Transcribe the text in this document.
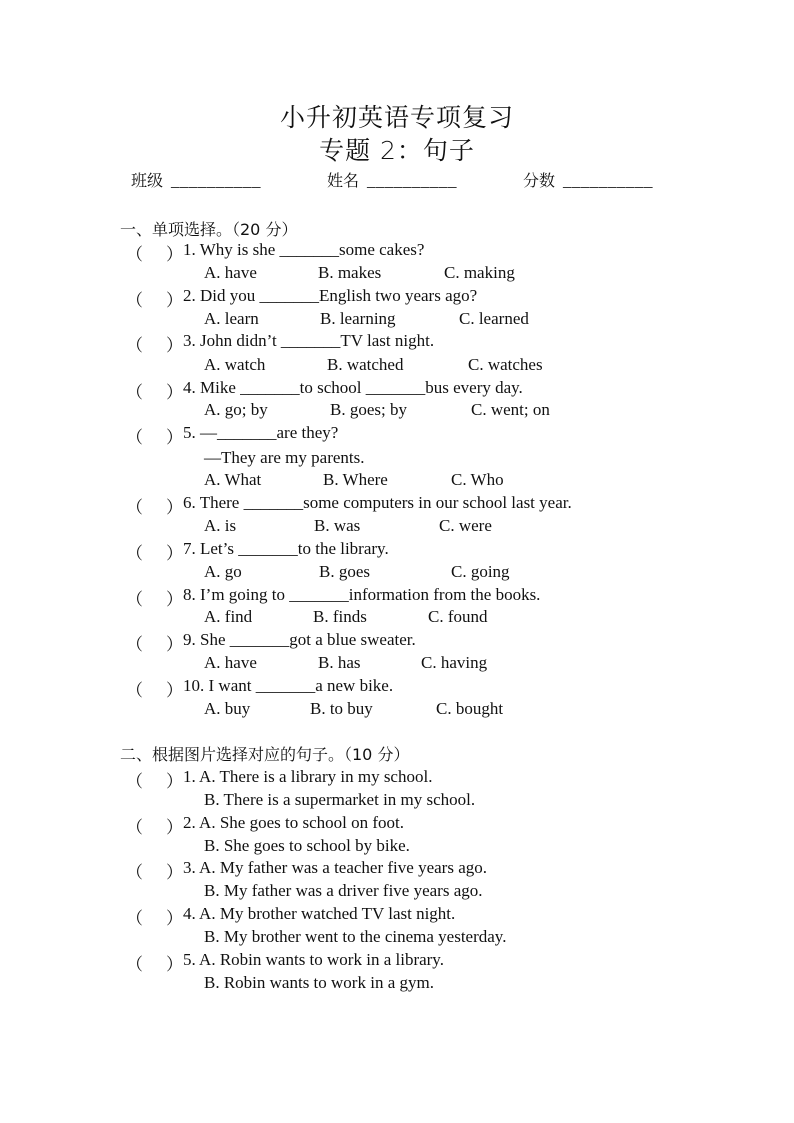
小升初英语专项复习
专题 2：句子
班级 __________	姓名 __________	分数 __________
一、单项选择。（20 分）
（ ） 1. Why is she _______some cakes?
A. have	B. makes	C. making
（ ） 2. Did you _______English two years ago?
A. learn	B. learning	C. learned
（ ） 3. John didn’t _______TV last night.
A. watch	B. watched	C. watches
（ ） 4. Mike _______to school _______bus every day.
A. go; by	B. goes; by	C. went; on
（ ） 5. —_______are they?
—They are my parents.
A. What	B. Where	C. Who
（ ） 6. There _______some computers in our school last year.
A. is	B. was	C. were
（ ） 7. Let’s _______to the library.
A. go	B. goes	C. going
（ ） 8. I’m going to _______information from the books.
A. find	B. finds	C. found
（ ） 9. She _______got a blue sweater.
A. have	B. has	C. having
（ ） 10. I want _______a new bike.
A. buy	B. to buy	C. bought
二、根据图片选择对应的句子。（10 分）
（ ） 1. A. There is a library in my school.
B. There is a supermarket in my school.
（ ） 2. A. She goes to school on foot.
B. She goes to school by bike.
（ ） 3. A. My father was a teacher five years ago.
B. My father was a driver five years ago.
（ ） 4. A. My brother watched TV last night.
B. My brother went to the cinema yesterday.
（ ） 5. A. Robin wants to work in a library.
B. Robin wants to work in a gym.
